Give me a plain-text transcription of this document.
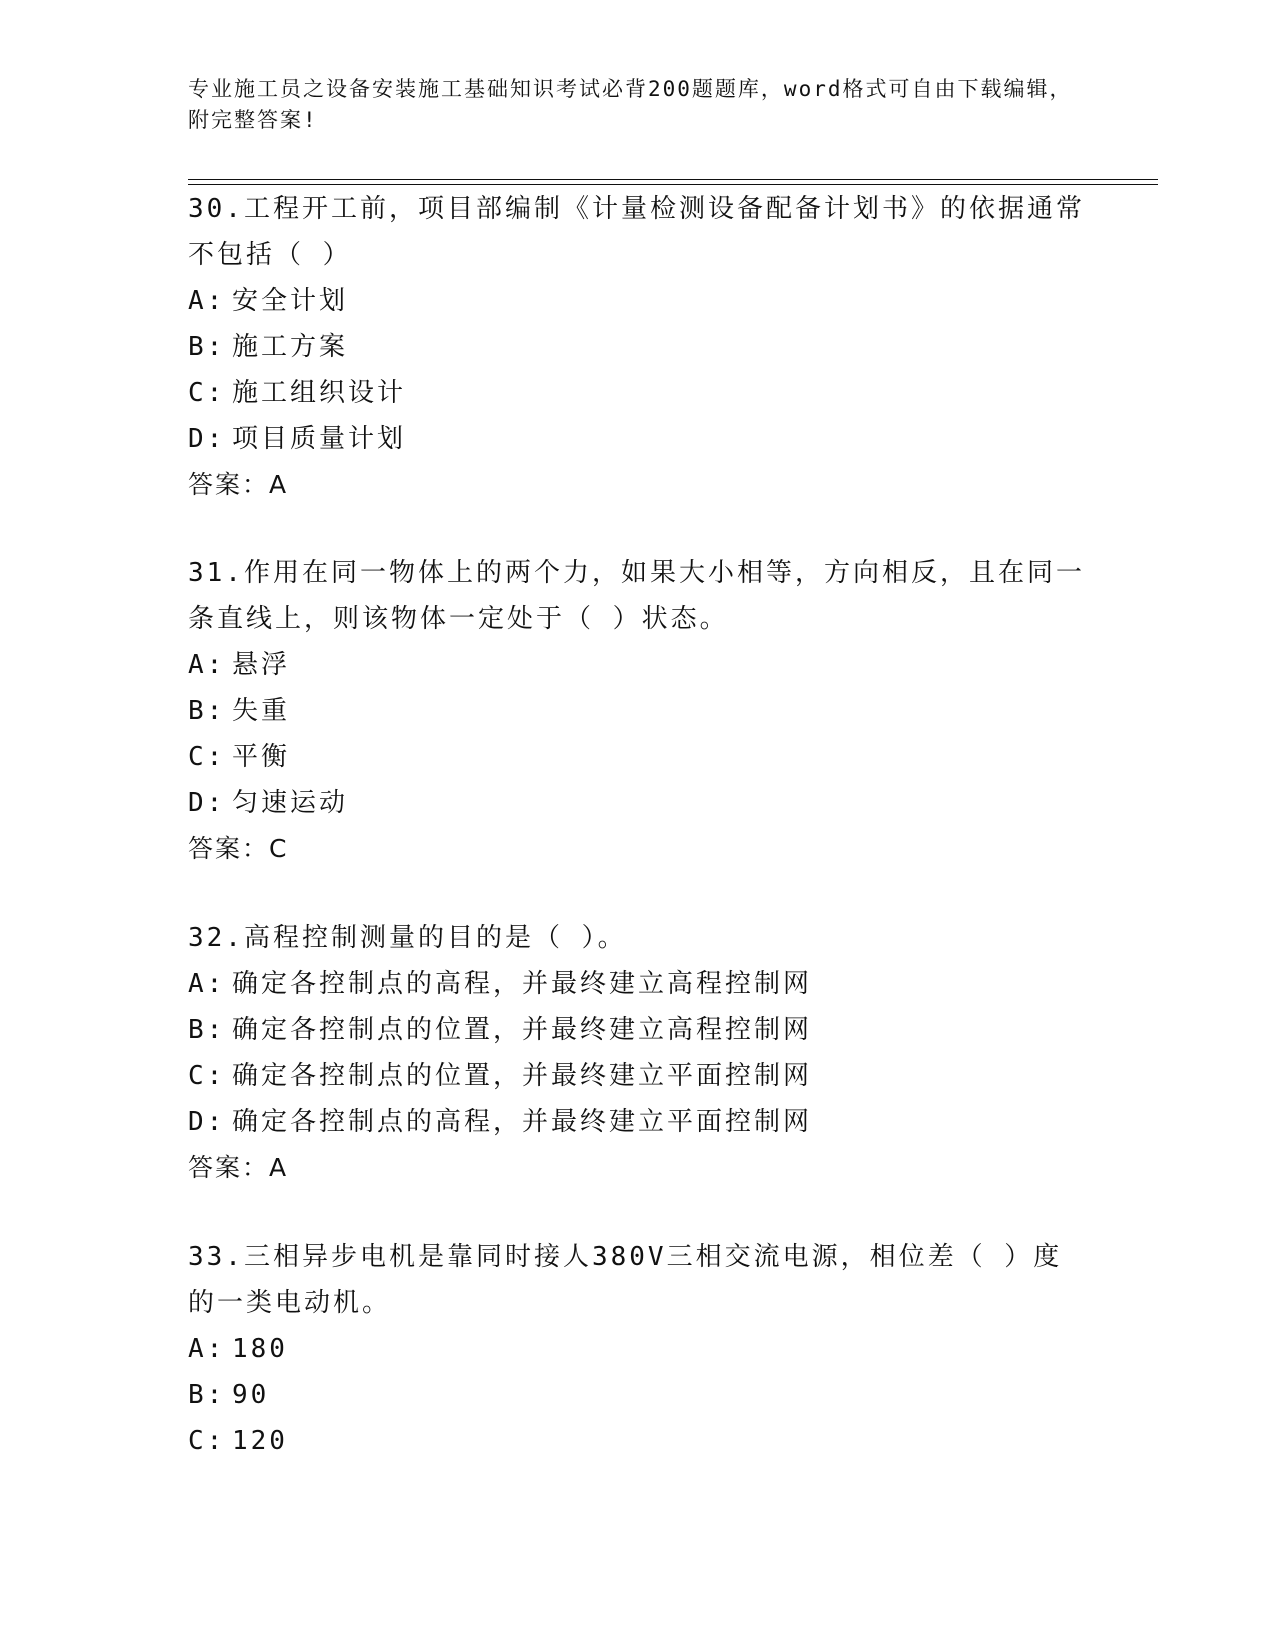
专业施工员之设备安装施工基础知识考试必背200题题库，word格式可自由下载编辑，附完整答案!
30.工程开工前，项目部编制《计量检测设备配备计划书》的依据通常不包括（ ）
A: 安全计划
B: 施工方案
C: 施工组织设计
D: 项目质量计划
答案：A
31.作用在同一物体上的两个力，如果大小相等，方向相反，且在同一条直线上，则该物体一定处于（ ）状态。
A: 悬浮
B: 失重
C: 平衡
D: 匀速运动
答案：C
32.高程控制测量的目的是（ ）。
A: 确定各控制点的高程，并最终建立高程控制网
B: 确定各控制点的位置，并最终建立高程控制网
C: 确定各控制点的位置，并最终建立平面控制网
D: 确定各控制点的高程，并最终建立平面控制网
答案：A
33.三相异步电机是靠同时接人380V三相交流电源，相位差（ ）度的一类电动机。
A: 180
B: 90
C: 120
